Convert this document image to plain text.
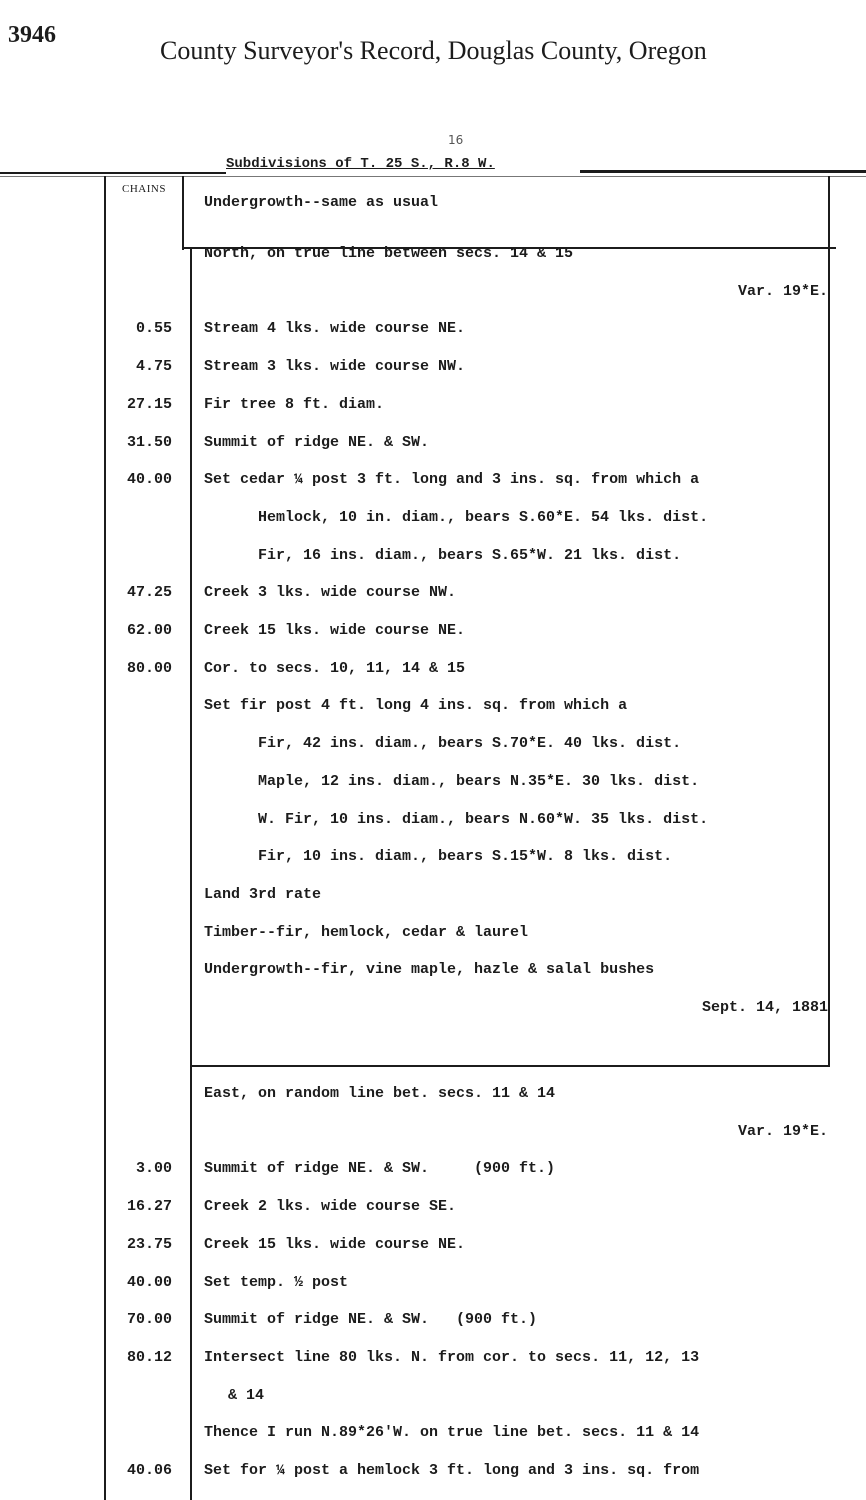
3946
County Surveyor's Record, Douglas County, Oregon
16
Subdivisions of T. 25 S., R.8 W.
CHAINS
Undergrowth--same as usual
North, on true line between secs. 14 & 15
Var. 19*E.
0.55 Stream 4 lks. wide course NE.
4.75 Stream 3 lks. wide course NW.
27.15 Fir tree 8 ft. diam.
31.50 Summit of ridge NE. & SW.
40.00 Set cedar ¼ post 3 ft. long and 3 ins. sq. from which a
Hemlock, 10 in. diam., bears S.60*E. 54 lks. dist.
Fir, 16 ins. diam., bears S.65*W. 21 lks. dist.
47.25 Creek 3 lks. wide course NW.
62.00 Creek 15 lks. wide course NE.
80.00 Cor. to secs. 10, 11, 14 & 15
Set fir post 4 ft. long 4 ins. sq. from which a
Fir, 42 ins. diam., bears S.70*E. 40 lks. dist.
Maple, 12 ins. diam., bears N.35*E. 30 lks. dist.
W. Fir, 10 ins. diam., bears N.60*W. 35 lks. dist.
Fir, 10 ins. diam., bears S.15*W. 8 lks. dist.
Land 3rd rate
Timber--fir, hemlock, cedar & laurel
Undergrowth--fir, vine maple, hazle & salal bushes
Sept. 14, 1881
East, on random line bet. secs. 11 & 14
Var. 19*E.
3.00 Summit of ridge NE. & SW.     (900 ft.)
16.27 Creek 2 lks. wide course SE.
23.75 Creek 15 lks. wide course NE.
40.00 Set temp. ½ post
70.00 Summit of ridge NE. & SW.   (900 ft.)
80.12 Intersect line 80 lks. N. from cor. to secs. 11, 12, 13
& 14
Thence I run N.89*26'W. on true line bet. secs. 11 & 14
40.06 Set for ¼ post a hemlock 3 ft. long and 3 ins. sq. from
